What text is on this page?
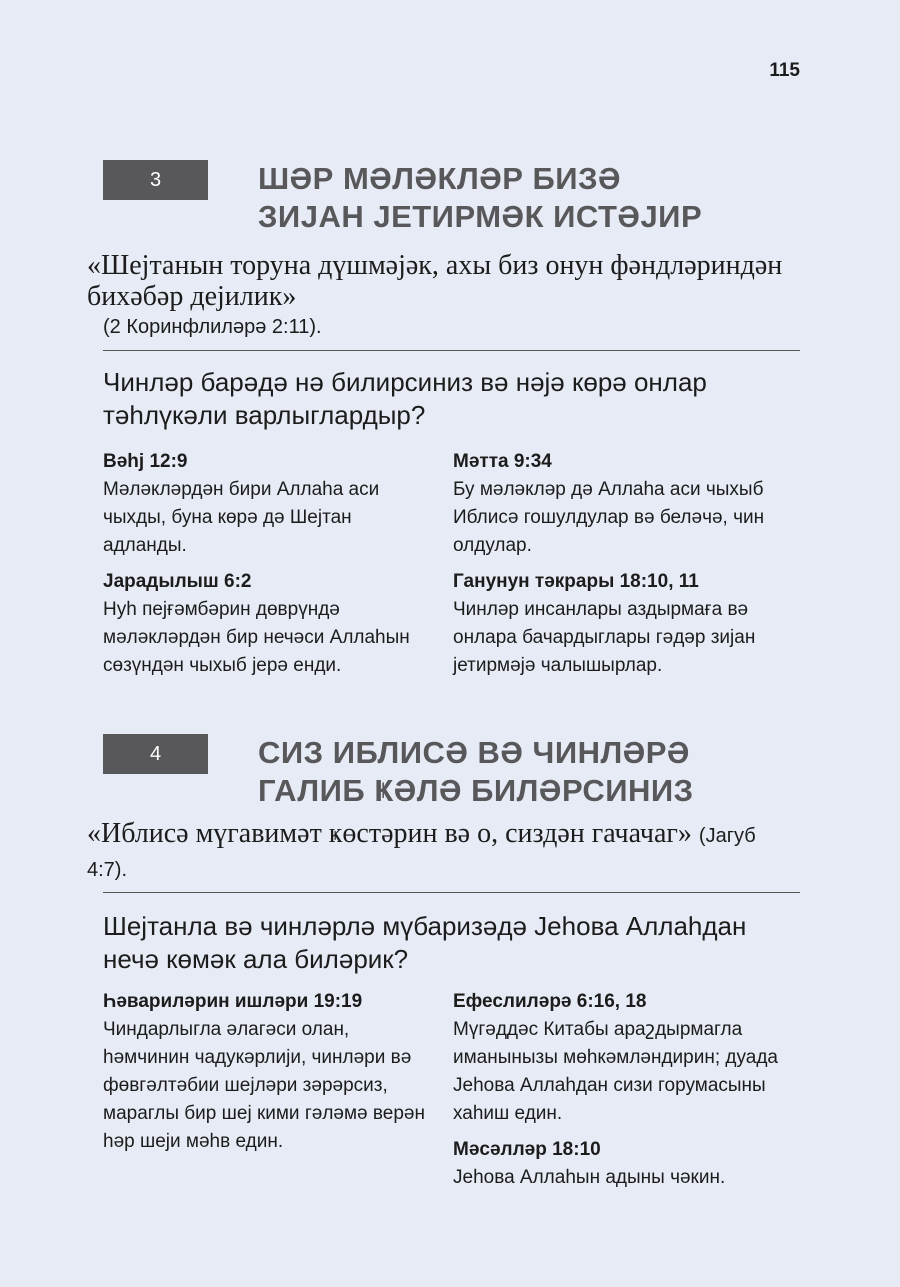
115
3	ШӘР МӘЛӘКЛӘР БИЗӘ
ЗИЈАН ЈЕТИРМӘК ИСТӘЈИР

«Шејтанын торуна дүшмәјәк, ахы биз онун фәндләриндән бихәбәр дејилик»
(2 Коринфлиләрә 2:11).

Чинләр барәдә нә билирсиниз вә нәјә көрә онлар тәһлүкәли варлыглардыр?

Вәһј 12:9
Мәләкләрдән бири Аллаһа аси чыхды, буна көрә дә Шејтан адланды.
Јарадылыш 6:2
Нуһ пејғәмбәрин дөврүндә мәләкләрдән бир нечәси Аллаһын сөзүндән чыхыб јерә енди.
Мәтта 9:34
Бу мәләкләр дә Аллаһа аси чыхыб Иблисә гошулдулар вә беләчә, чин олдулар.
Ганунун тәкрары 18:10, 11
Чинләр инсанлары аздырмаға вә онлара бачардыглары гәдәр зијан јетирмәјә чалышырлар.
4	СИЗ ИБЛИСӘ ВӘ ЧИНЛӘРӘ
ГАЛИБ ҜӘЛӘ БИЛӘРСИНИЗ

«Иблисә мүгавимәт ҝөстәрин вә о, сиздән гачачаг» (Јагуб 4:7).

Шејтанла вә чинләрлә мүбаризәдә Јеһова Аллаһдан нечә көмәк ала биләрик?

Һәвариләрин ишләри 19:19
Чиндарлыгла әлагәси олан, һәмчинин чадукәрлији, чинләри вә фөвгәлтәбии шејләри зәрәрсиз, мараглы бир шеј кими гәләмә верән һәр шеји мәһв един.
Ефеслиләрә 6:16, 18
Мүгәддәс Китабы араշдырмагла иманынызы мөһкәмләндирин; дуада Јеһова Аллаһдан сизи горумасыны хаһиш един.
Мәсәлләр 18:10
Јеһова Аллаһын адыны чәкин.
